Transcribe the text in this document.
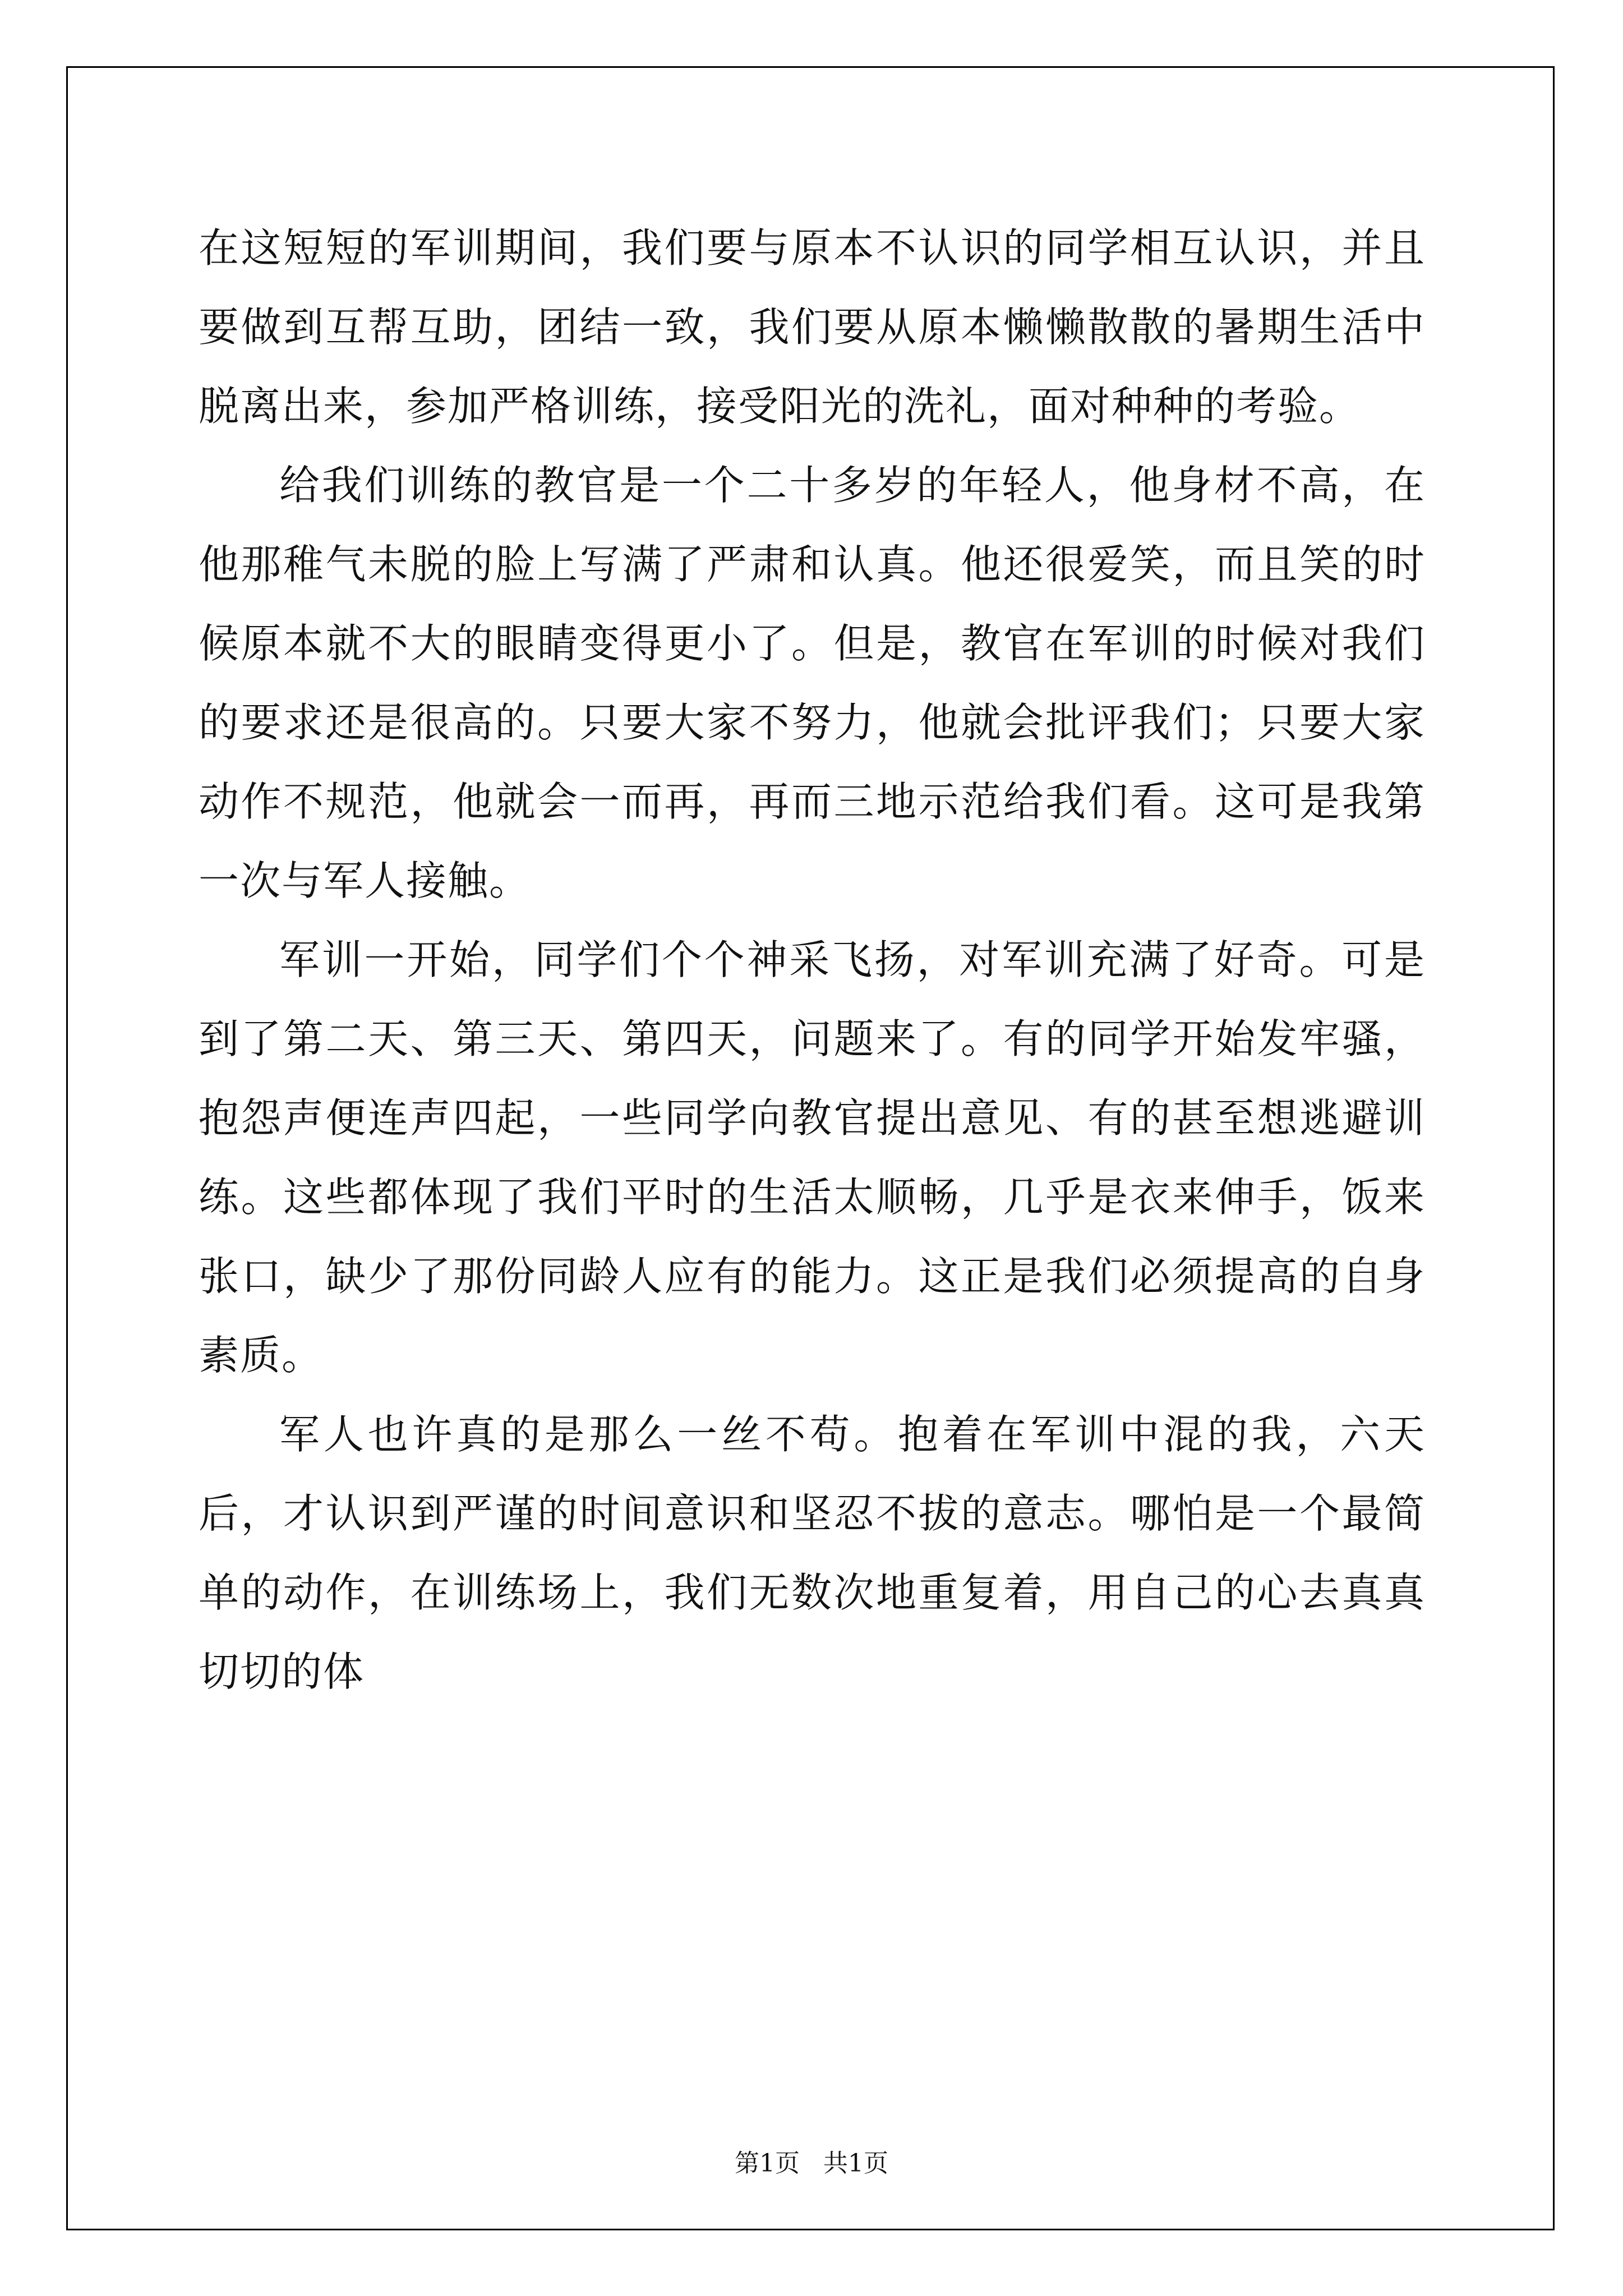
在这短短的军训期间，我们要与原本不认识的同学相互认识，并且要做到互帮互助，团结一致，我们要从原本懒懒散散的暑期生活中脱离出来，参加严格训练，接受阳光的洗礼，面对种种的考验。

给我们训练的教官是一个二十多岁的年轻人，他身材不高，在他那稚气未脱的脸上写满了严肃和认真。他还很爱笑，而且笑的时候原本就不大的眼睛变得更小了。但是，教官在军训的时候对我们的要求还是很高的。只要大家不努力，他就会批评我们；只要大家动作不规范，他就会一而再，再而三地示范给我们看。这可是我第一次与军人接触。

军训一开始，同学们个个神采飞扬，对军训充满了好奇。可是到了第二天、第三天、第四天，问题来了。有的同学开始发牢骚，抱怨声便连声四起，一些同学向教官提出意见、有的甚至想逃避训练。这些都体现了我们平时的生活太顺畅，几乎是衣来伸手，饭来张口，缺少了那份同龄人应有的能力。这正是我们必须提高的自身素质。

军人也许真的是那么一丝不苟。抱着在军训中混的我，六天后，才认识到严谨的时间意识和坚忍不拔的意志。哪怕是一个最简单的动作，在训练场上，我们无数次地重复着，用自己的心去真真切切的体

第1页 共1页
